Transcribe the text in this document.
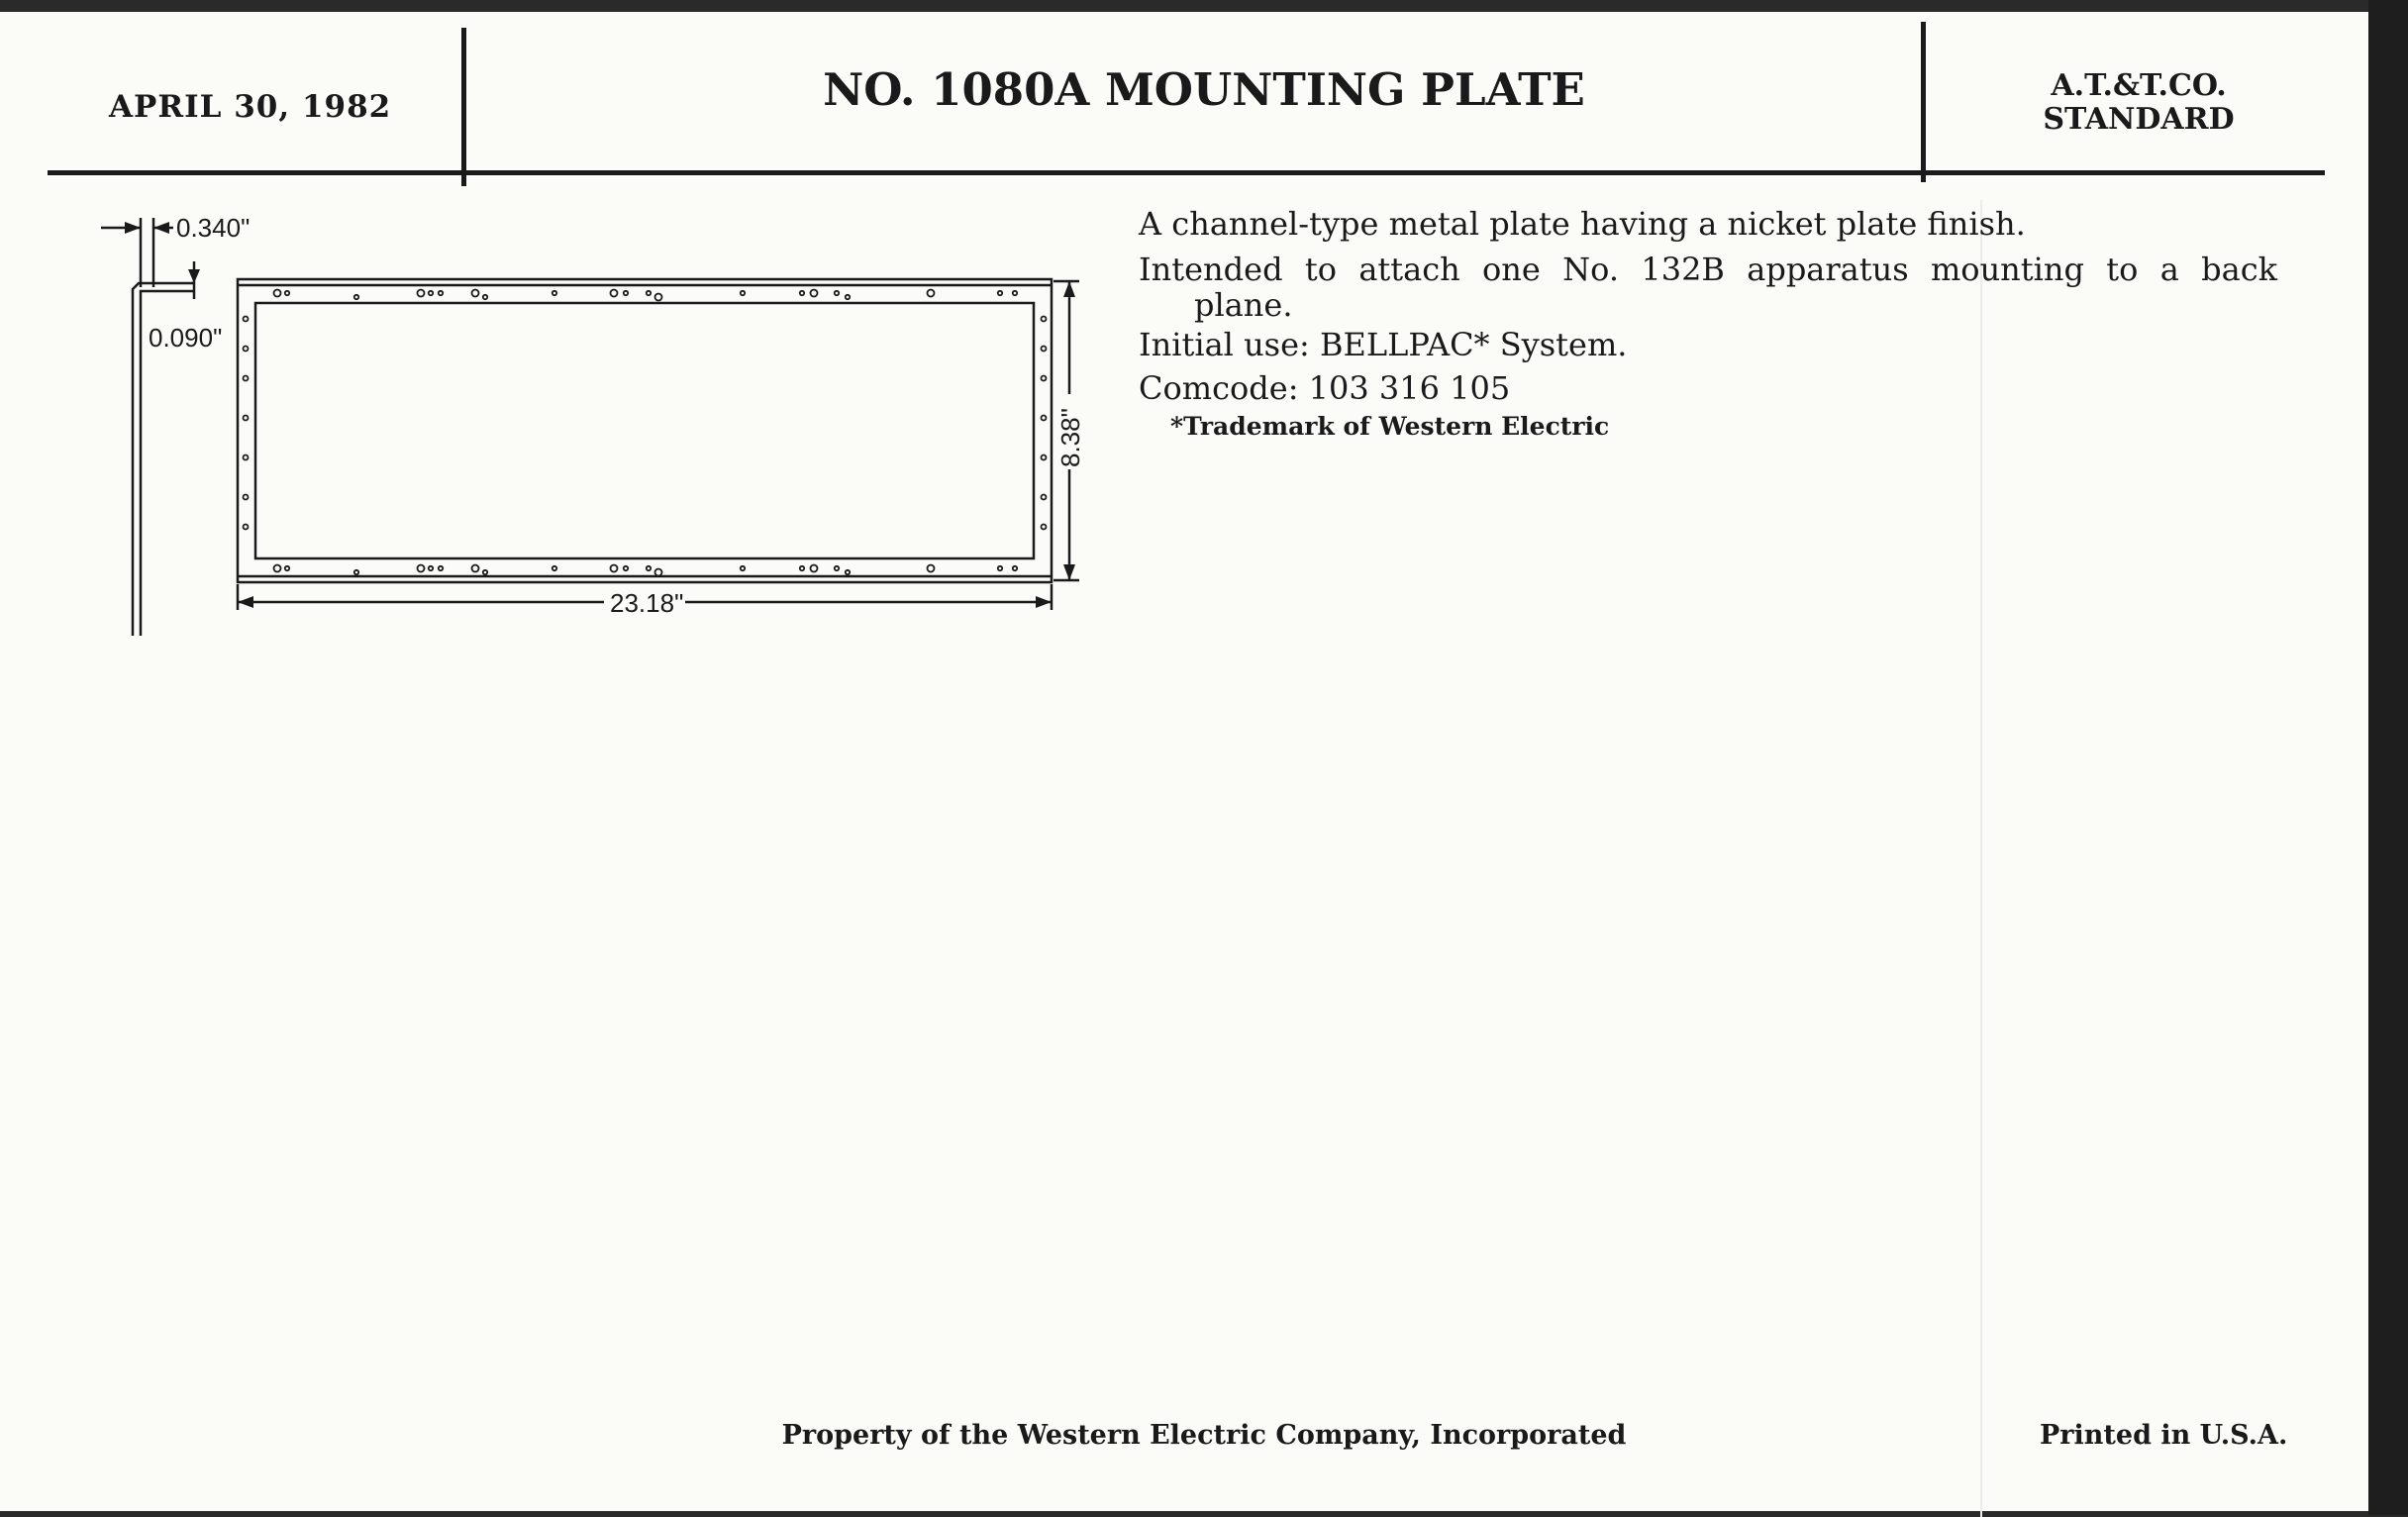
APRIL 30, 1982	NO. 1080A MOUNTING PLATE	A.T.&T.CO.
STANDARD
23.18"
8.38"
0.340"
0.090"

A channel-type metal plate having a nicket plate finish.

Intended to attach one No. 132B apparatus mounting to a back

plane.

Initial use: BELLPAC* System.

Comcode: 103 316 105

*Trademark of Western Electric

Property of the Western Electric Company, Incorporated	Printed in U.S.A.
